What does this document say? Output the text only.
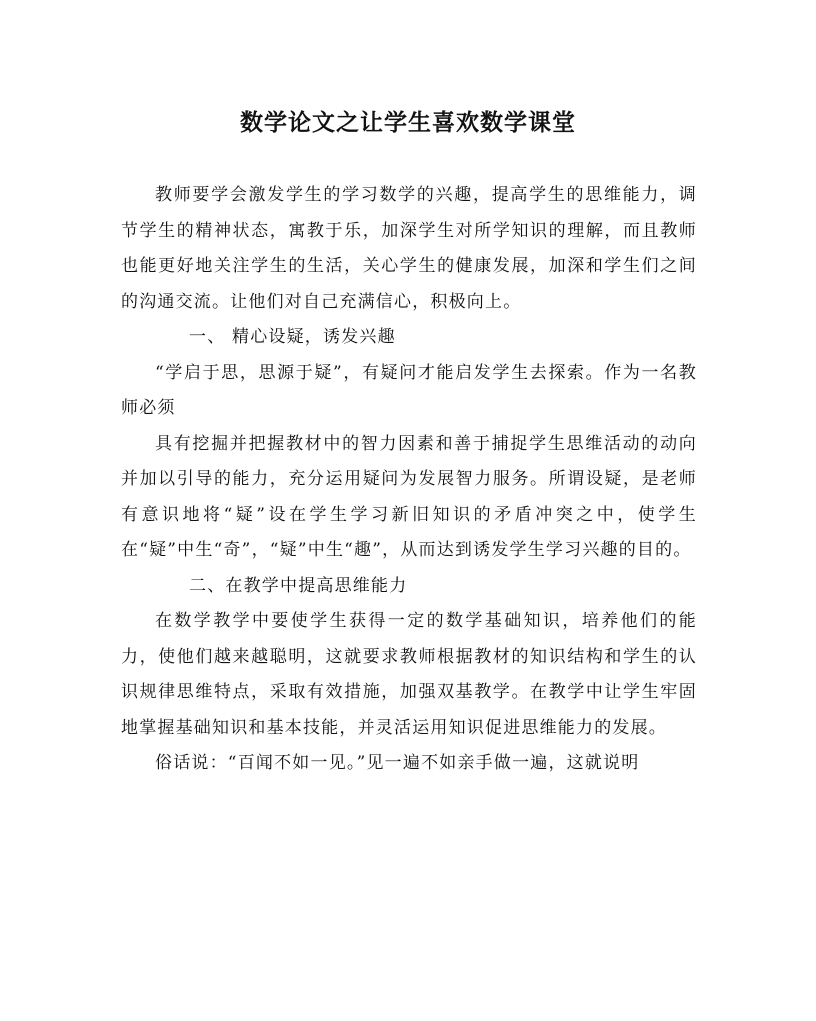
数学论文之让学生喜欢数学课堂

教师要学会激发学生的学习数学的兴趣，提高学生的思维能力，调节学生的精神状态，寓教于乐，加深学生对所学知识的理解，而且教师也能更好地关注学生的生活，关心学生的健康发展，加深和学生们之间的沟通交流。让他们对自己充满信心，积极向上。

一、 精心设疑，诱发兴趣

“学启于思，思源于疑”，有疑问才能启发学生去探索。作为一名教师必须

具有挖掘并把握教材中的智力因素和善于捕捉学生思维活动的动向并加以引导的能力，充分运用疑问为发展智力服务。所谓设疑，是老师有意识地将“疑”设在学生学习新旧知识的矛盾冲突之中，使学生在“疑”中生“奇”，“疑”中生“趣”，从而达到诱发学生学习兴趣的目的。

二、在教学中提高思维能力

在数学教学中要使学生获得一定的数学基础知识，培养他们的能力，使他们越来越聪明，这就要求教师根据教材的知识结构和学生的认识规律思维特点，采取有效措施，加强双基教学。在教学中让学生牢固地掌握基础知识和基本技能，并灵活运用知识促进思维能力的发展。

俗话说：“百闻不如一见。”见一遍不如亲手做一遍，这就说明
